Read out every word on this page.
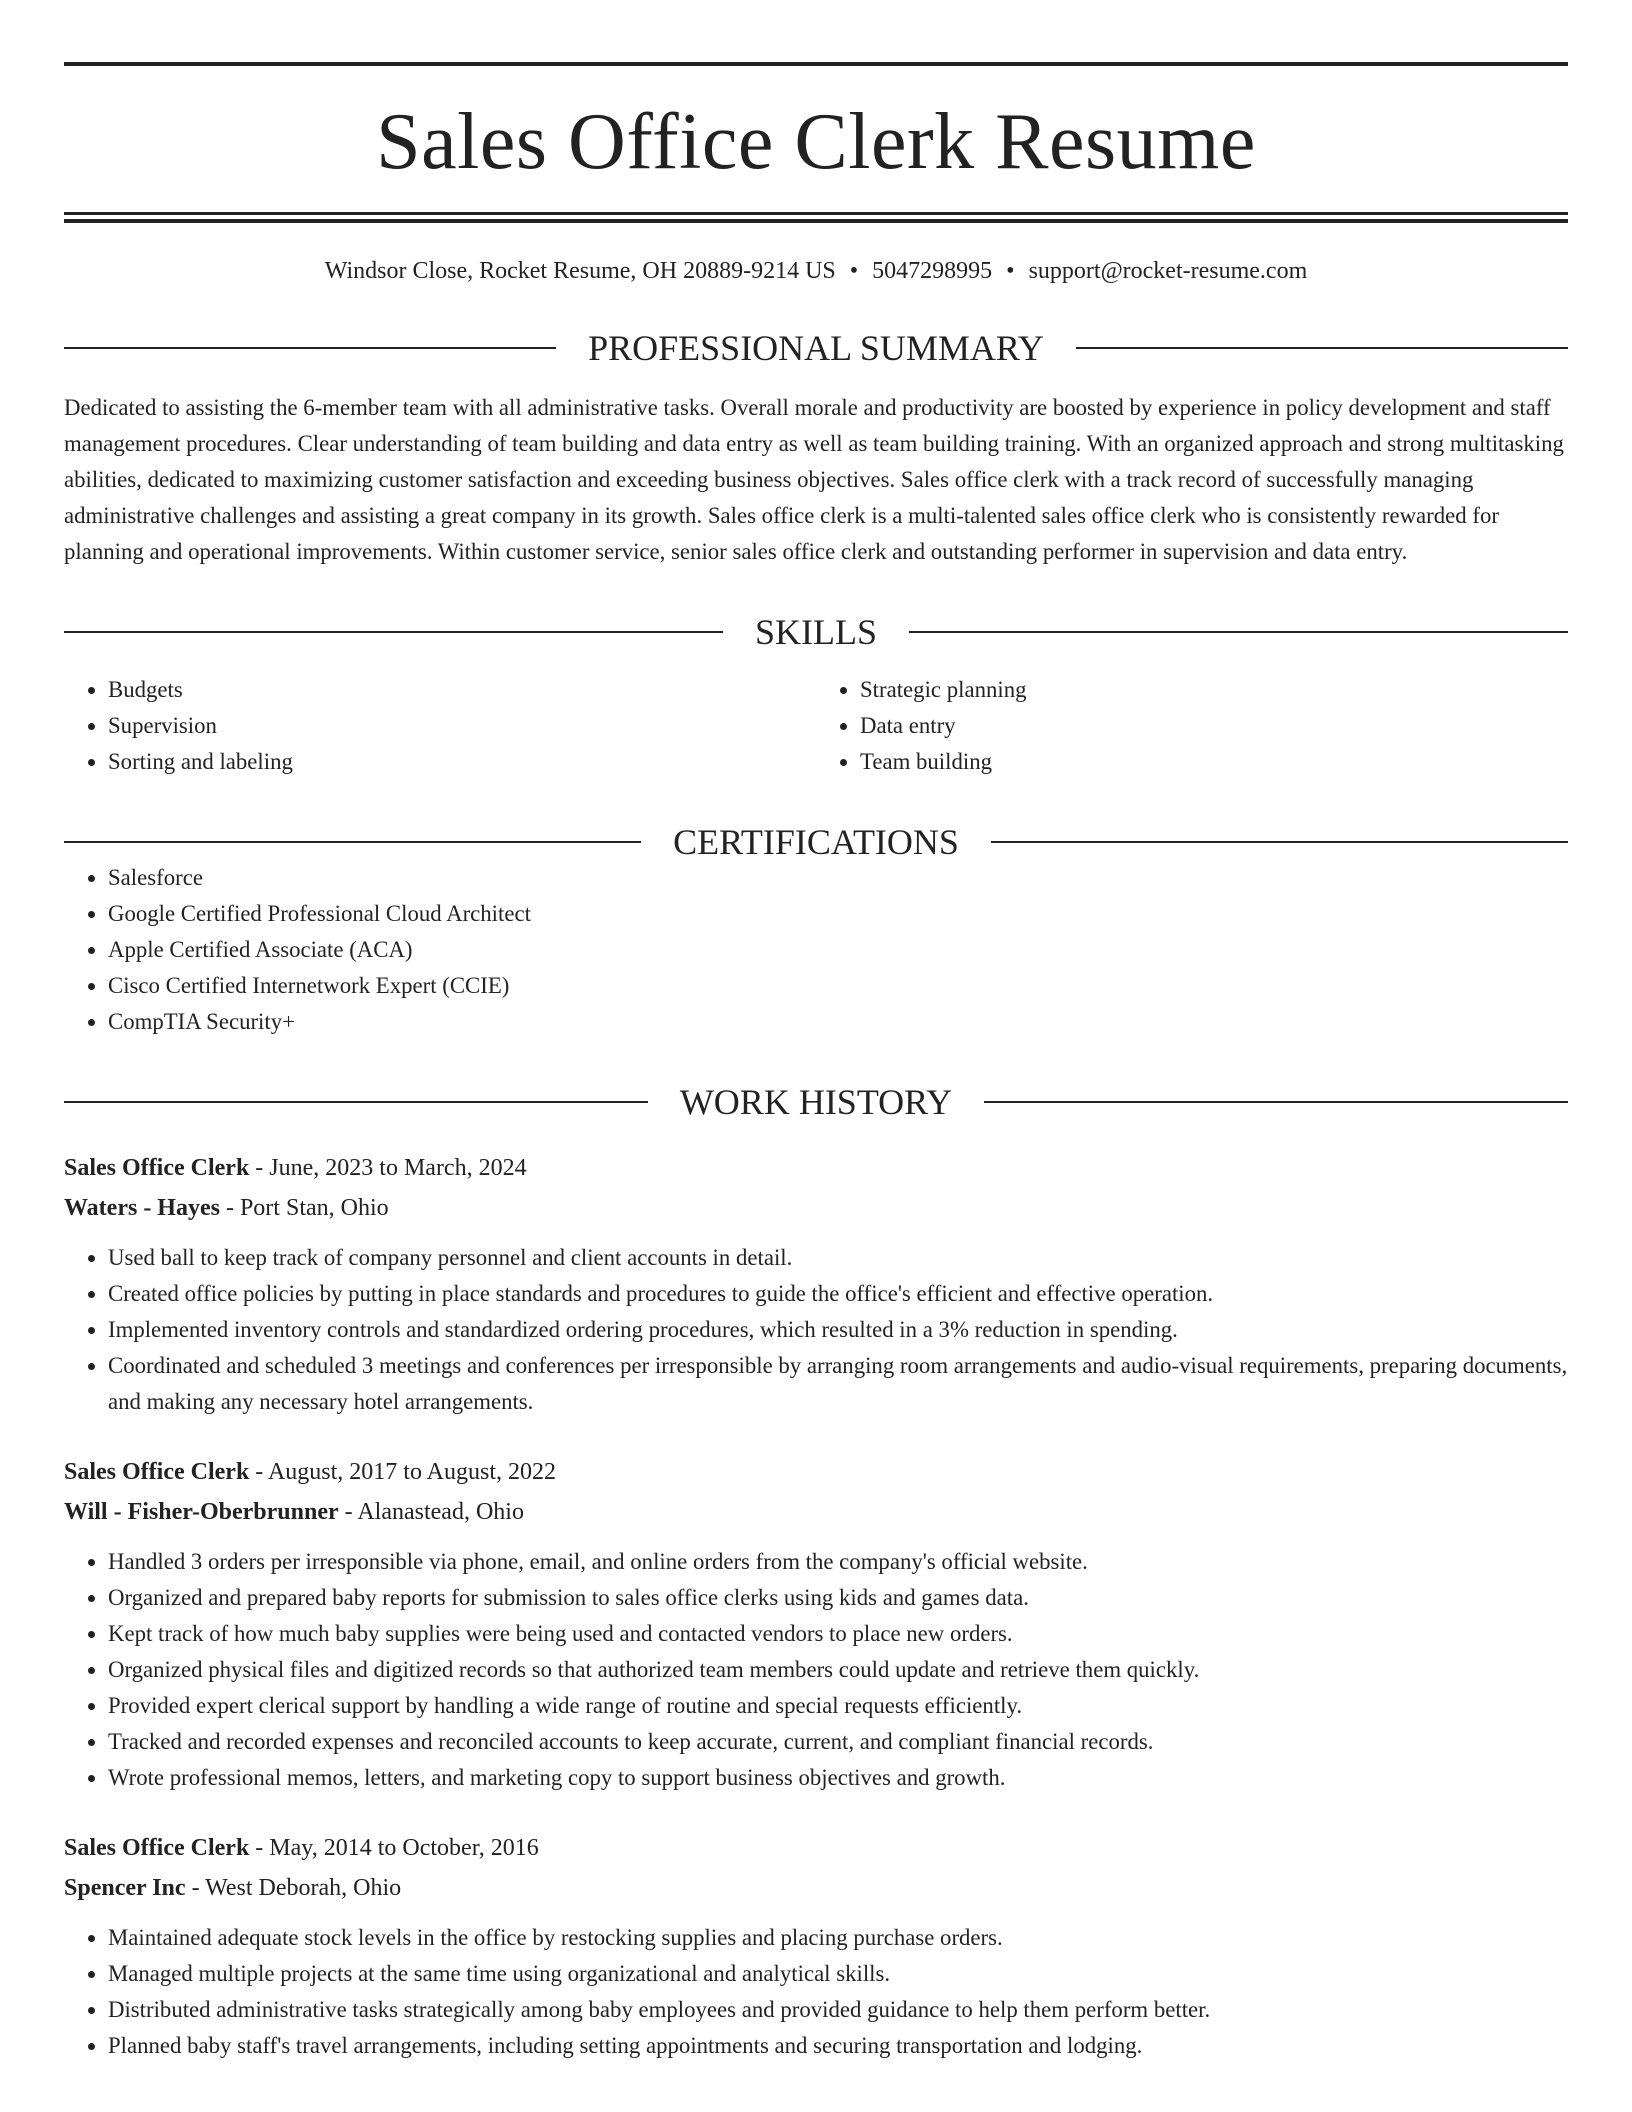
Sales Office Clerk Resume
Windsor Close, Rocket Resume, OH 20889-9214 US • 5047298995 • support@rocket-resume.com
PROFESSIONAL SUMMARY
Dedicated to assisting the 6-member team with all administrative tasks. Overall morale and productivity are boosted by experience in policy development and staff management procedures. Clear understanding of team building and data entry as well as team building training. With an organized approach and strong multitasking abilities, dedicated to maximizing customer satisfaction and exceeding business objectives. Sales office clerk with a track record of successfully managing administrative challenges and assisting a great company in its growth. Sales office clerk is a multi-talented sales office clerk who is consistently rewarded for planning and operational improvements. Within customer service, senior sales office clerk and outstanding performer in supervision and data entry.
SKILLS
• Budgets
• Supervision
• Sorting and labeling
• Strategic planning
• Data entry
• Team building
CERTIFICATIONS
• Salesforce
• Google Certified Professional Cloud Architect
• Apple Certified Associate (ACA)
• Cisco Certified Internetwork Expert (CCIE)
• CompTIA Security+
WORK HISTORY
Sales Office Clerk - June, 2023 to March, 2024
Waters - Hayes - Port Stan, Ohio
• Used ball to keep track of company personnel and client accounts in detail.
• Created office policies by putting in place standards and procedures to guide the office's efficient and effective operation.
• Implemented inventory controls and standardized ordering procedures, which resulted in a 3% reduction in spending.
• Coordinated and scheduled 3 meetings and conferences per irresponsible by arranging room arrangements and audio-visual requirements, preparing documents, and making any necessary hotel arrangements.
Sales Office Clerk - August, 2017 to August, 2022
Will - Fisher-Oberbrunner - Alanastead, Ohio
• Handled 3 orders per irresponsible via phone, email, and online orders from the company's official website.
• Organized and prepared baby reports for submission to sales office clerks using kids and games data.
• Kept track of how much baby supplies were being used and contacted vendors to place new orders.
• Organized physical files and digitized records so that authorized team members could update and retrieve them quickly.
• Provided expert clerical support by handling a wide range of routine and special requests efficiently.
• Tracked and recorded expenses and reconciled accounts to keep accurate, current, and compliant financial records.
• Wrote professional memos, letters, and marketing copy to support business objectives and growth.
Sales Office Clerk - May, 2014 to October, 2016
Spencer Inc - West Deborah, Ohio
• Maintained adequate stock levels in the office by restocking supplies and placing purchase orders.
• Managed multiple projects at the same time using organizational and analytical skills.
• Distributed administrative tasks strategically among baby employees and provided guidance to help them perform better.
• Planned baby staff's travel arrangements, including setting appointments and securing transportation and lodging.
